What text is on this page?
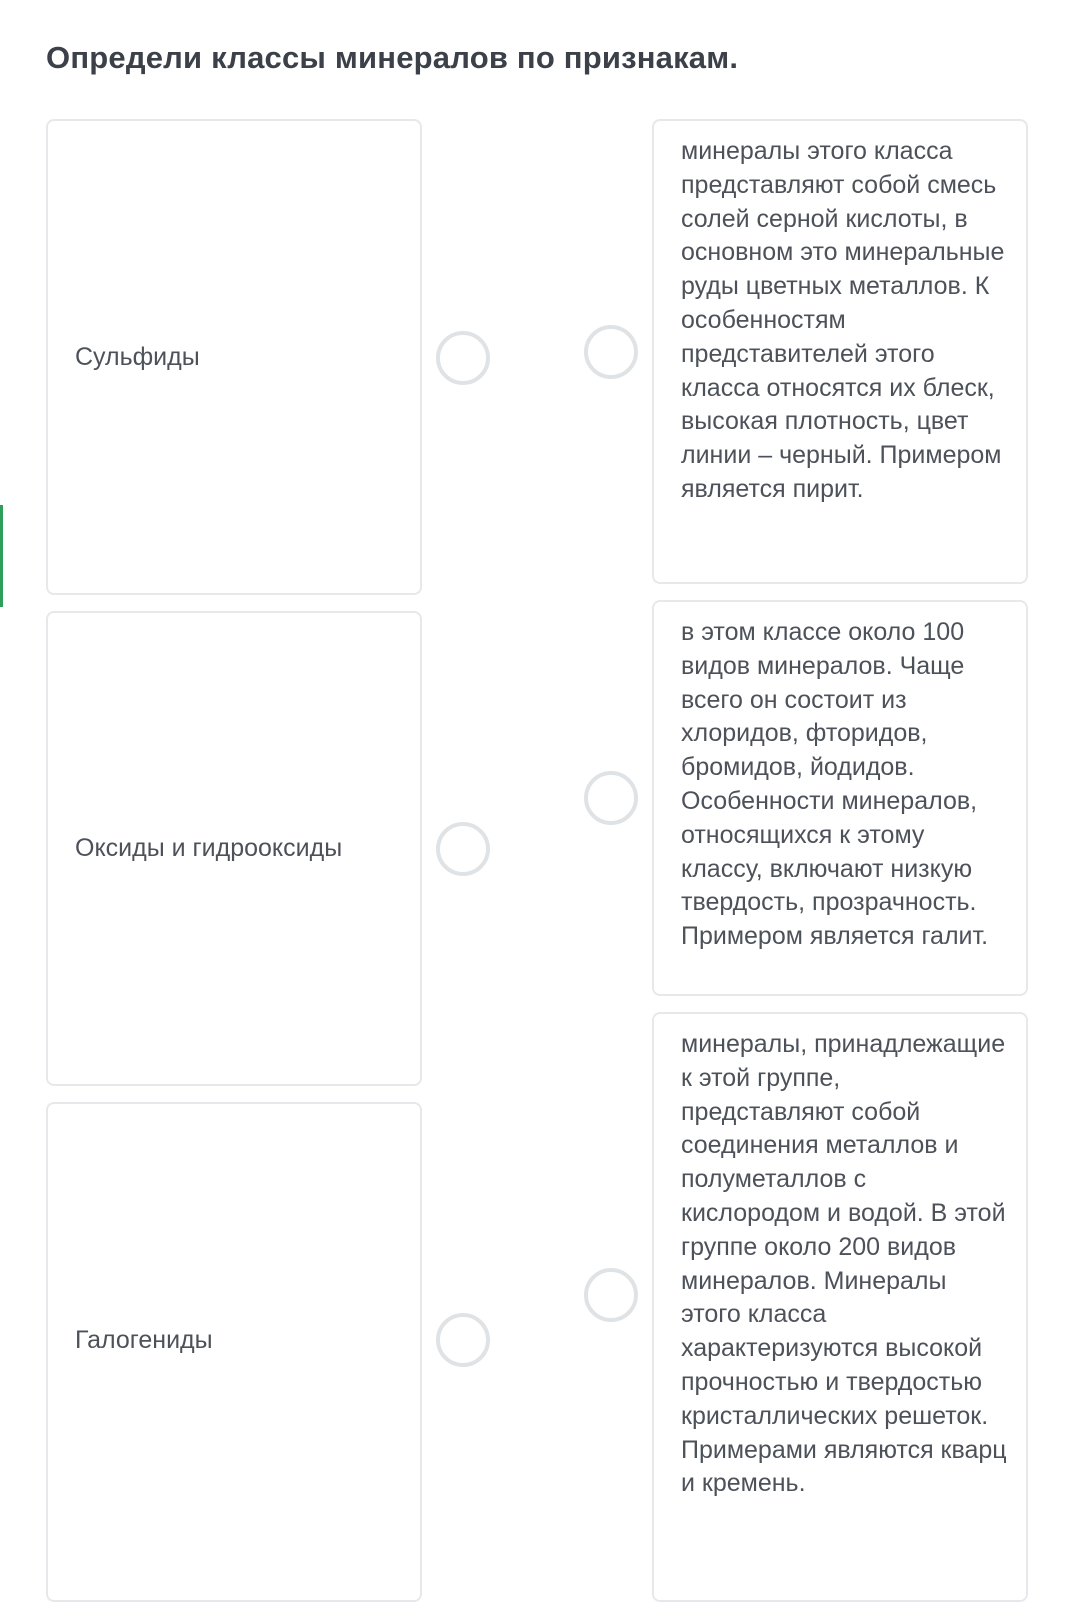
Определи классы минералов по признакам.
Сульфиды
Оксиды и гидрооксиды
Галогениды
минералы этого класса представляют собой смесь солей серной кислоты, в основном это минеральные руды цветных металлов. К особенностям представителей этого класса относятся их блеск, высокая плотность, цвет линии – черный. Примером является пирит.
в этом классе около 100 видов минералов. Чаще всего он состоит из хлоридов, фторидов, бромидов, йодидов. Особенности минералов, относящихся к этому классу, включают низкую твердость, прозрачность. Примером является галит.
минералы, принадлежащие к этой группе, представляют собой соединения металлов и полуметаллов с кислородом и водой. В этой группе около 200 видов минералов. Минералы этого класса характеризуются высокой прочностью и твердостью кристаллических решеток. Примерами являются кварц и кремень.
